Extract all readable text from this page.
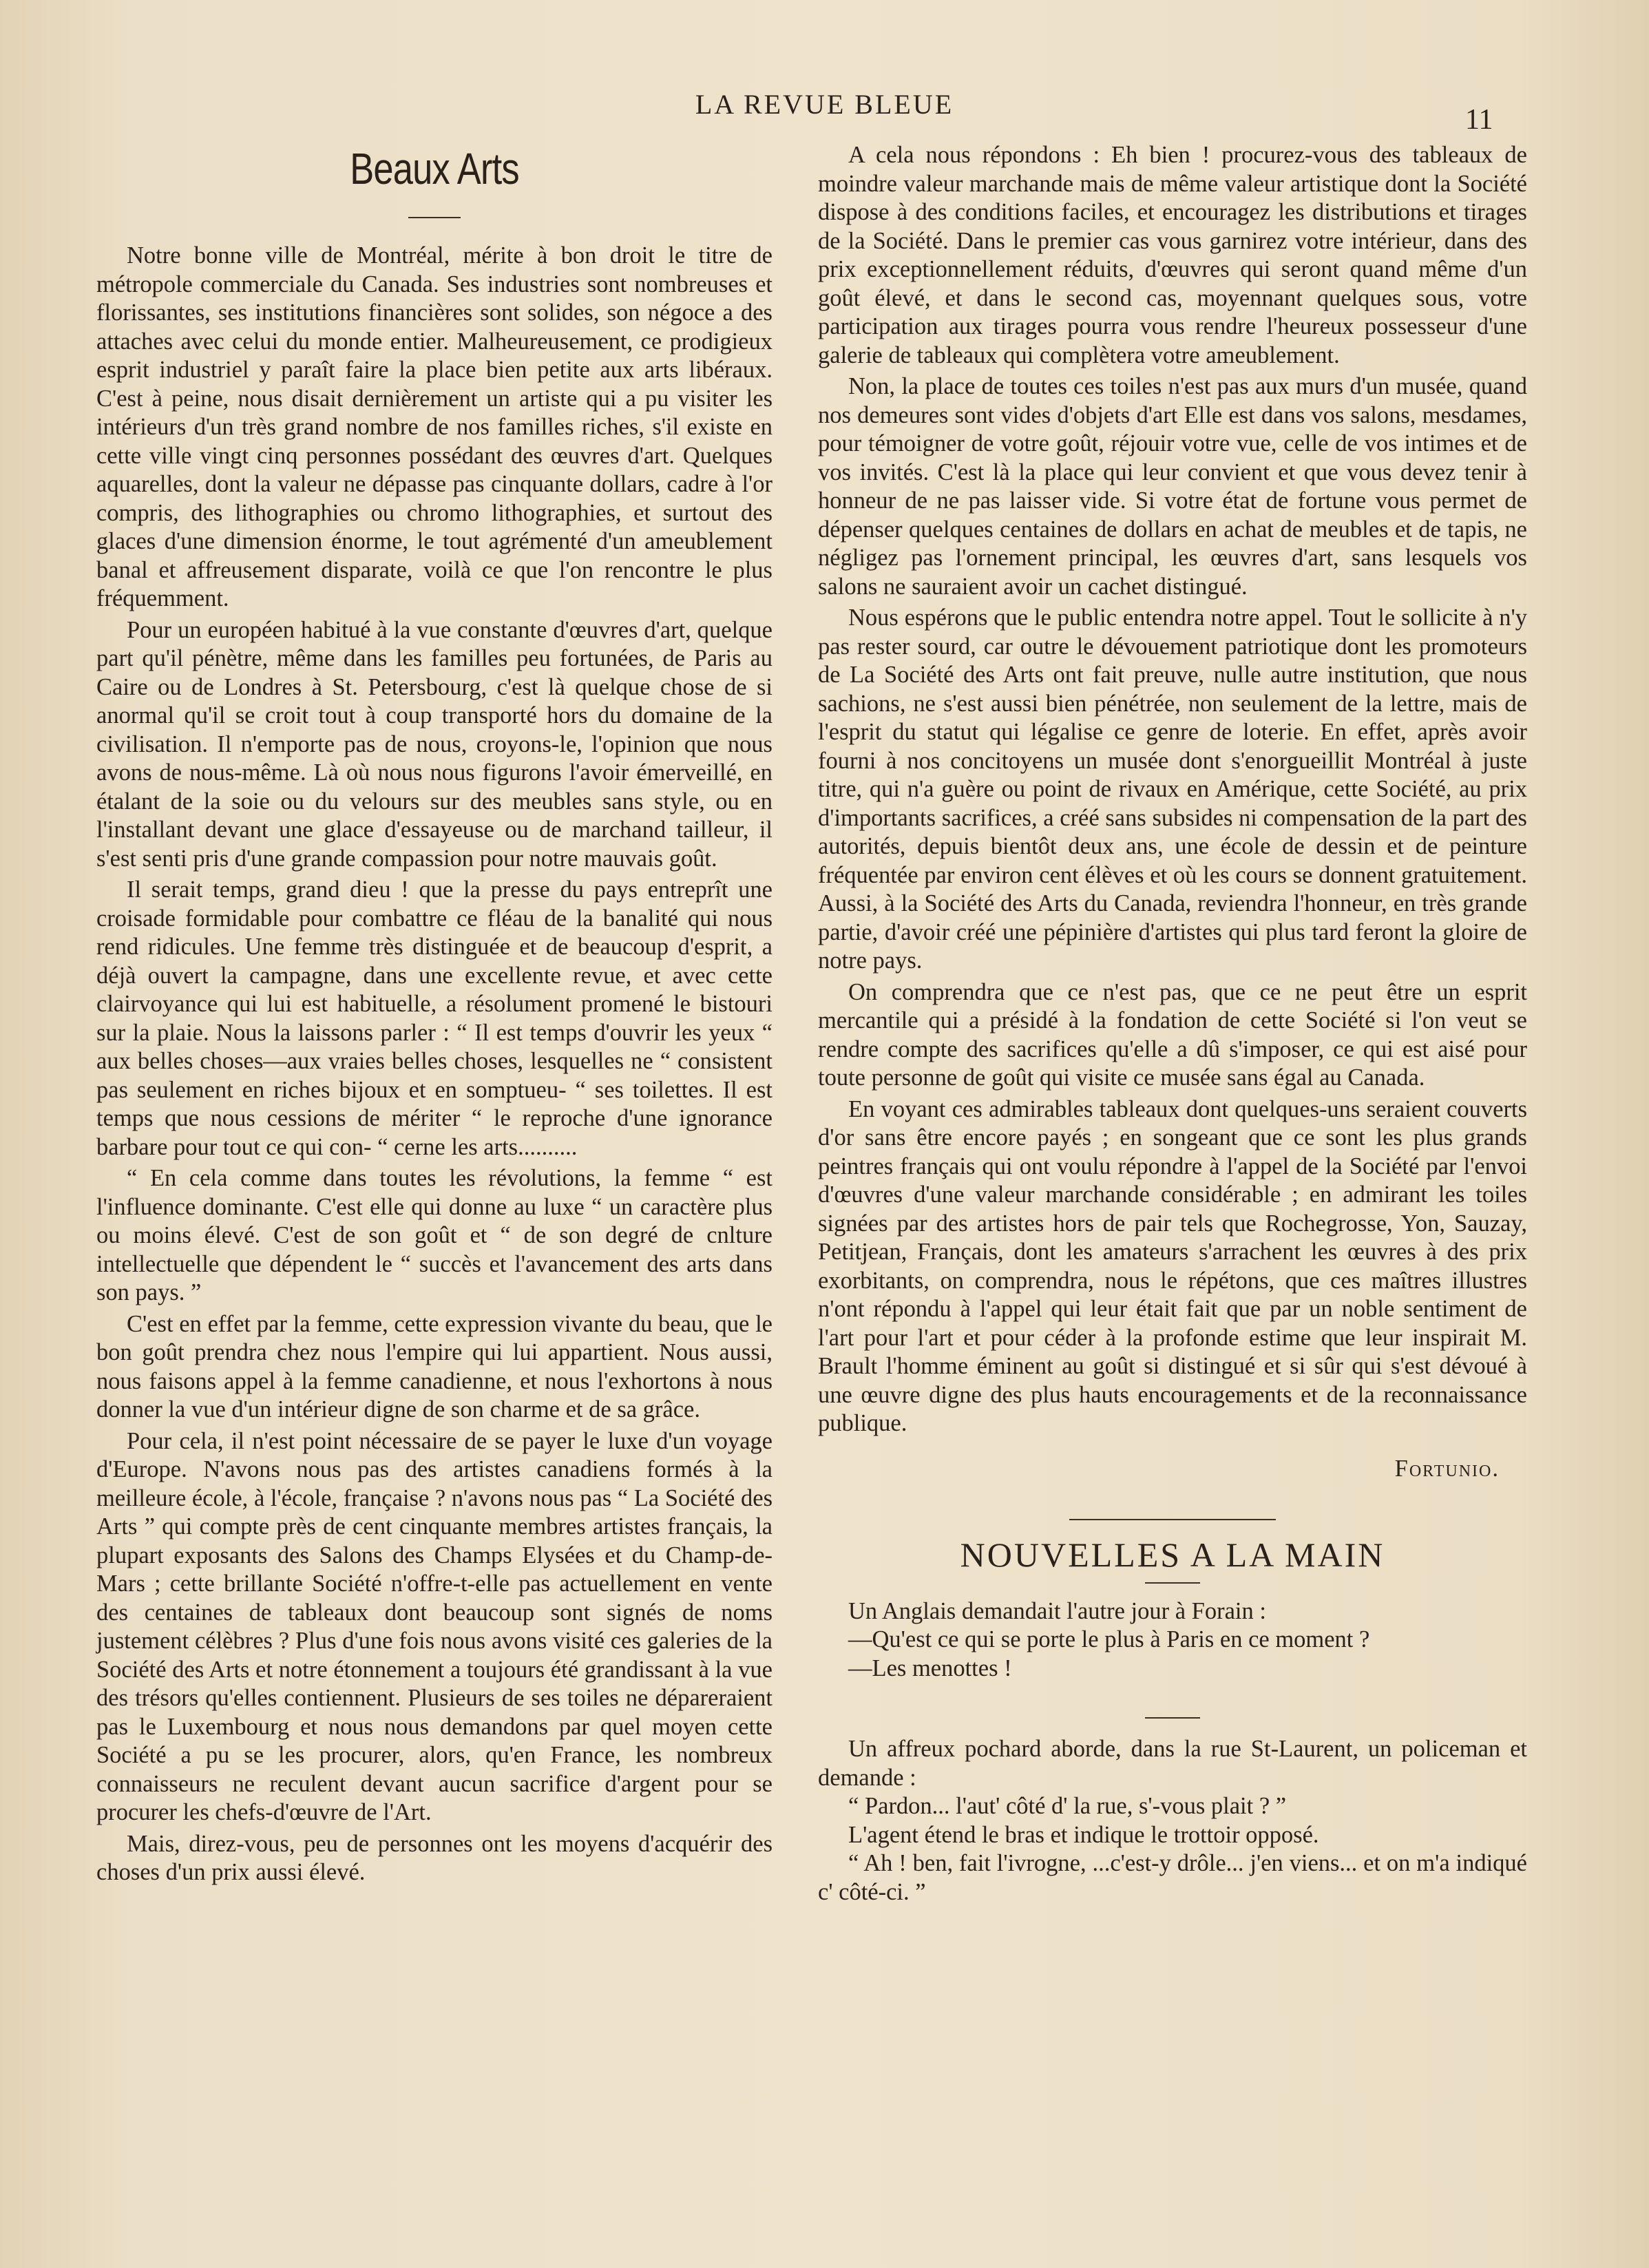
LA REVUE BLEUE	11
Beaux Arts

Notre bonne ville de Montréal, mérite à bon droit le titre de métropole commerciale du Canada. Ses industries sont nombreuses et florissantes, ses institutions financières sont solides, son négoce a des attaches avec celui du monde entier. Malheureusement, ce prodigieux esprit industriel y paraît faire la place bien petite aux arts libéraux. C'est à peine, nous disait dernièrement un artiste qui a pu visiter les intérieurs d'un très grand nombre de nos familles riches, s'il existe en cette ville vingt cinq personnes possédant des œuvres d'art. Quelques aquarelles, dont la valeur ne dépasse pas cinquante dollars, cadre à l'or compris, des lithographies ou chromo lithographies, et surtout des glaces d'une dimension énorme, le tout agrémenté d'un ameublement banal et affreusement disparate, voilà ce que l'on rencontre le plus fréquemment.

Pour un européen habitué à la vue constante d'œuvres d'art, quelque part qu'il pénètre, même dans les familles peu fortunées, de Paris au Caire ou de Londres à St. Petersbourg, c'est là quelque chose de si anormal qu'il se croit tout à coup transporté hors du domaine de la civilisation. Il n'emporte pas de nous, croyons-le, l'opinion que nous avons de nous-même. Là où nous nous figurons l'avoir émerveillé, en étalant de la soie ou du velours sur des meubles sans style, ou en l'installant devant une glace d'essayeuse ou de marchand tailleur, il s'est senti pris d'une grande compassion pour notre mauvais goût.

Il serait temps, grand dieu ! que la presse du pays entreprît une croisade formidable pour combattre ce fléau de la banalité qui nous rend ridicules. Une femme très distinguée et de beaucoup d'esprit, a déjà ouvert la campagne, dans une excellente revue, et avec cette clairvoyance qui lui est habituelle, a résolument promené le bistouri sur la plaie. Nous la laissons parler : “ Il est temps d'ouvrir les yeux “ aux belles choses—aux vraies belles choses, lesquelles ne “ consistent pas seulement en riches bijoux et en somptueu- “ ses toilettes. Il est temps que nous cessions de mériter “ le reproche d'une ignorance barbare pour tout ce qui con- “ cerne les arts..........

“ En cela comme dans toutes les révolutions, la femme “ est l'influence dominante. C'est elle qui donne au luxe “ un caractère plus ou moins élevé. C'est de son goût et “ de son degré de cnlture intellectuelle que dépendent le “ succès et l'avancement des arts dans son pays. ”

C'est en effet par la femme, cette expression vivante du beau, que le bon goût prendra chez nous l'empire qui lui appartient. Nous aussi, nous faisons appel à la femme canadienne, et nous l'exhortons à nous donner la vue d'un intérieur digne de son charme et de sa grâce.

Pour cela, il n'est point nécessaire de se payer le luxe d'un voyage d'Europe. N'avons nous pas des artistes canadiens formés à la meilleure école, à l'école, française ? n'avons nous pas “ La Société des Arts ” qui compte près de cent cinquante membres artistes français, la plupart exposants des Salons des Champs Elysées et du Champ-de-Mars ; cette brillante Société n'offre-t-elle pas actuellement en vente des centaines de tableaux dont beaucoup sont signés de noms justement célèbres ? Plus d'une fois nous avons visité ces galeries de la Société des Arts et notre étonnement a toujours été grandissant à la vue des trésors qu'elles contiennent. Plusieurs de ses toiles ne dépareraient pas le Luxembourg et nous nous demandons par quel moyen cette Société a pu se les procurer, alors, qu'en France, les nombreux connaisseurs ne reculent devant aucun sacrifice d'argent pour se procurer les chefs-d'œuvre de l'Art.

Mais, direz-vous, peu de personnes ont les moyens d'acquérir des choses d'un prix aussi élevé.

A cela nous répondons : Eh bien ! procurez-vous des tableaux de moindre valeur marchande mais de même valeur artistique dont la Société dispose à des conditions faciles, et encouragez les distributions et tirages de la Société. Dans le premier cas vous garnirez votre intérieur, dans des prix exceptionnellement réduits, d'œuvres qui seront quand même d'un goût élevé, et dans le second cas, moyennant quelques sous, votre participation aux tirages pourra vous rendre l'heureux possesseur d'une galerie de tableaux qui complètera votre ameublement.

Non, la place de toutes ces toiles n'est pas aux murs d'un musée, quand nos demeures sont vides d'objets d'art Elle est dans vos salons, mesdames, pour témoigner de votre goût, réjouir votre vue, celle de vos intimes et de vos invités. C'est là la place qui leur convient et que vous devez tenir à honneur de ne pas laisser vide. Si votre état de fortune vous permet de dépenser quelques centaines de dollars en achat de meubles et de tapis, ne négligez pas l'ornement principal, les œuvres d'art, sans lesquels vos salons ne sauraient avoir un cachet distingué.

Nous espérons que le public entendra notre appel. Tout le sollicite à n'y pas rester sourd, car outre le dévouement patriotique dont les promoteurs de La Société des Arts ont fait preuve, nulle autre institution, que nous sachions, ne s'est aussi bien pénétrée, non seulement de la lettre, mais de l'esprit du statut qui légalise ce genre de loterie. En effet, après avoir fourni à nos concitoyens un musée dont s'enorgueillit Montréal à juste titre, qui n'a guère ou point de rivaux en Amérique, cette Société, au prix d'importants sacrifices, a créé sans subsides ni compensation de la part des autorités, depuis bientôt deux ans, une école de dessin et de peinture fréquentée par environ cent élèves et où les cours se donnent gratuitement. Aussi, à la Société des Arts du Canada, reviendra l'honneur, en très grande partie, d'avoir créé une pépinière d'artistes qui plus tard feront la gloire de notre pays.

On comprendra que ce n'est pas, que ce ne peut être un esprit mercantile qui a présidé à la fondation de cette Société si l'on veut se rendre compte des sacrifices qu'elle a dû s'imposer, ce qui est aisé pour toute personne de goût qui visite ce musée sans égal au Canada.

En voyant ces admirables tableaux dont quelques-uns seraient couverts d'or sans être encore payés ; en songeant que ce sont les plus grands peintres français qui ont voulu répondre à l'appel de la Société par l'envoi d'œuvres d'une valeur marchande considérable ; en admirant les toiles signées par des artistes hors de pair tels que Rochegrosse, Yon, Sauzay, Petitjean, Français, dont les amateurs s'arrachent les œuvres à des prix exorbitants, on comprendra, nous le répétons, que ces maîtres illustres n'ont répondu à l'appel qui leur était fait que par un noble sentiment de l'art pour l'art et pour céder à la profonde estime que leur inspirait M. Brault l'homme éminent au goût si distingué et si sûr qui s'est dévoué à une œuvre digne des plus hauts encouragements et de la reconnaissance publique.

Fortunio.
NOUVELLES A LA MAIN

Un Anglais demandait l'autre jour à Forain :

—Qu'est ce qui se porte le plus à Paris en ce moment ?

—Les menottes !

Un affreux pochard aborde, dans la rue St-Laurent, un policeman et demande :

“ Pardon... l'aut' côté d' la rue, s'-vous plait ? ”

L'agent étend le bras et indique le trottoir opposé.

“ Ah ! ben, fait l'ivrogne, ...c'est-y drôle... j'en viens... et on m'a indiqué c' côté-ci. ”
